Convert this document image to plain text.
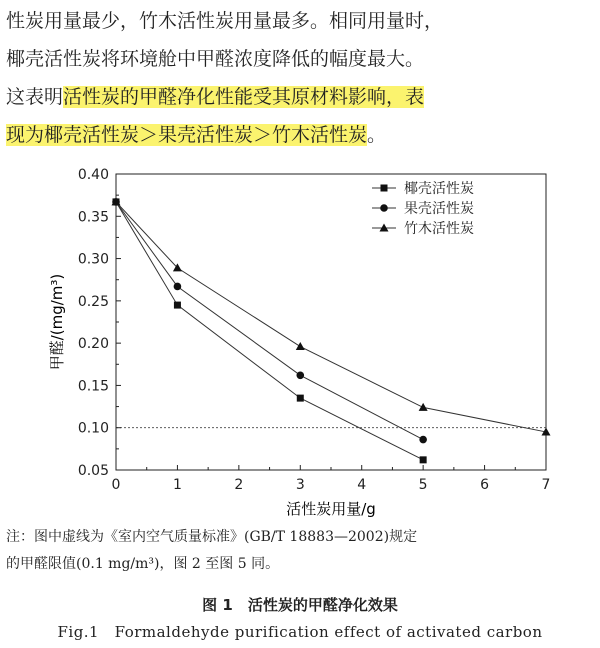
性炭用量最少，竹木活性炭用量最多。相同用量时，
椰壳活性炭将环境舱中甲醛浓度降低的幅度最大。
这表明活性炭的甲醛净化性能受其原材料影响，表
现为椰壳活性炭＞果壳活性炭＞竹木活性炭。
0	1	2	3	4	5	6	7
0.05
0.10
0.15
0.20
0.25
0.30
0.35
0.40
椰壳活性炭
果壳活性炭
竹木活性炭
活性炭用量/g
甲醛/(mg/m³)
注：图中虚线为《室内空气质量标准》(GB/T 18883—2002)规定
的甲醛限值(0.1 mg/m³)，图 2 至图 5 同。
图 1　活性炭的甲醛净化效果
Fig.1　Formaldehyde purification effect of activated carbon
